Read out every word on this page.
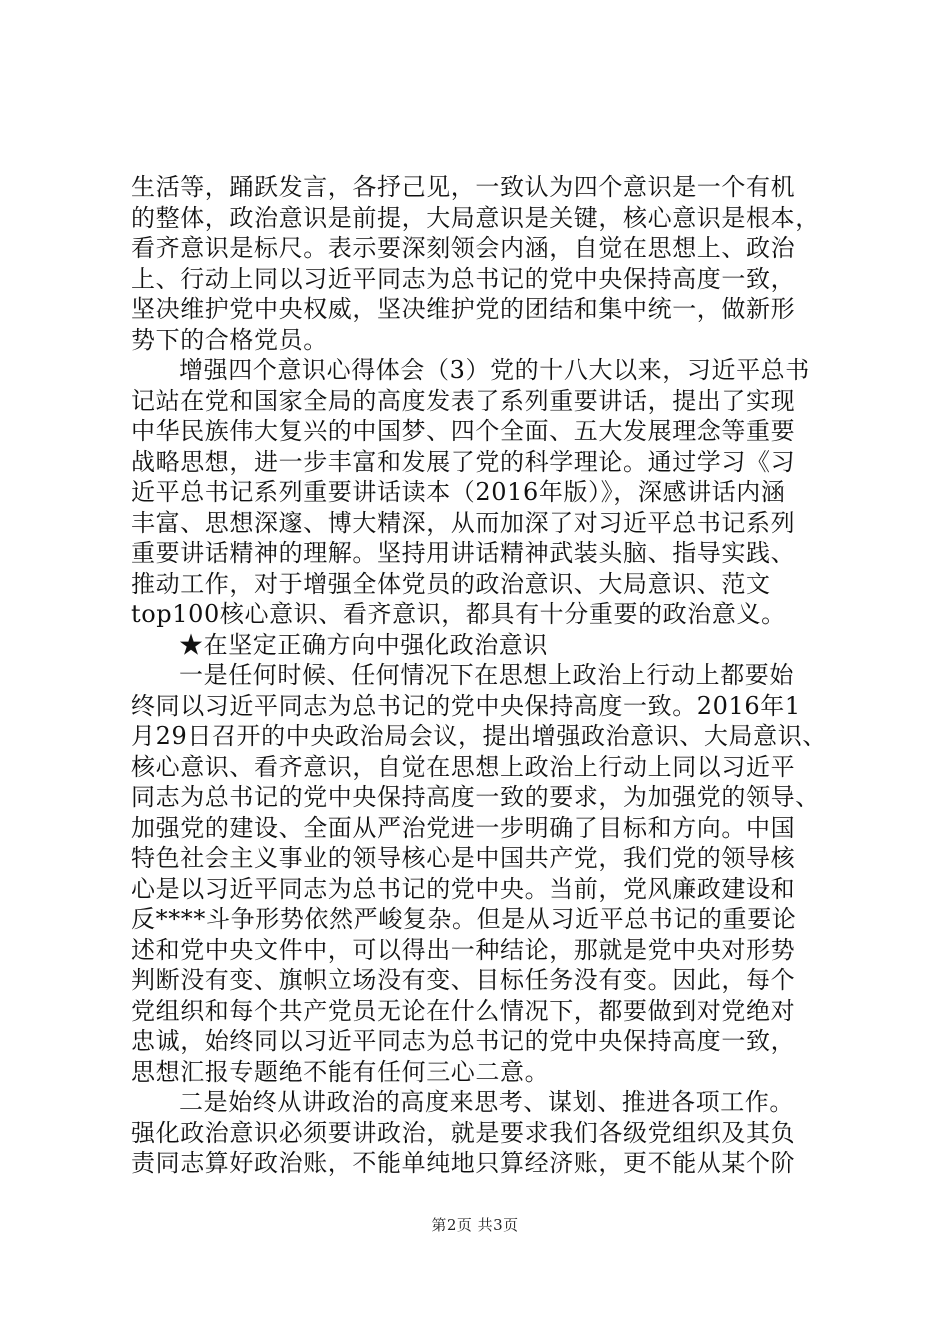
生活等，踊跃发言，各抒己见，一致认为四个意识是一个有机
的整体，政治意识是前提，大局意识是关键，核心意识是根本，
看齐意识是标尺。表示要深刻领会内涵，自觉在思想上、政治
上、行动上同以习近平同志为总书记的党中央保持高度一致，
坚决维护党中央权威，坚决维护党的团结和集中统一，做新形
势下的合格党员。
增强四个意识心得体会（3）党的十八大以来，习近平总书
记站在党和国家全局的高度发表了系列重要讲话，提出了实现
中华民族伟大复兴的中国梦、四个全面、五大发展理念等重要
战略思想，进一步丰富和发展了党的科学理论。通过学习《习
近平总书记系列重要讲话读本（2016年版）》，深感讲话内涵
丰富、思想深邃、博大精深，从而加深了对习近平总书记系列
重要讲话精神的理解。坚持用讲话精神武装头脑、指导实践、
推动工作，对于增强全体党员的政治意识、大局意识、范文
top100核心意识、看齐意识，都具有十分重要的政治意义。
★在坚定正确方向中强化政治意识
一是任何时候、任何情况下在思想上政治上行动上都要始
终同以习近平同志为总书记的党中央保持高度一致。2016年1
月29日召开的中央政治局会议，提出增强政治意识、大局意识、
核心意识、看齐意识，自觉在思想上政治上行动上同以习近平
同志为总书记的党中央保持高度一致的要求，为加强党的领导、
加强党的建设、全面从严治党进一步明确了目标和方向。中国
特色社会主义事业的领导核心是中国共产党，我们党的领导核
心是以习近平同志为总书记的党中央。当前，党风廉政建设和
反****斗争形势依然严峻复杂。但是从习近平总书记的重要论
述和党中央文件中，可以得出一种结论，那就是党中央对形势
判断没有变、旗帜立场没有变、目标任务没有变。因此，每个
党组织和每个共产党员无论在什么情况下，都要做到对党绝对
忠诚，始终同以习近平同志为总书记的党中央保持高度一致，
思想汇报专题绝不能有任何三心二意。
二是始终从讲政治的高度来思考、谋划、推进各项工作。
强化政治意识必须要讲政治，就是要求我们各级党组织及其负
责同志算好政治账，不能单纯地只算经济账，更不能从某个阶
第2页 共3页
